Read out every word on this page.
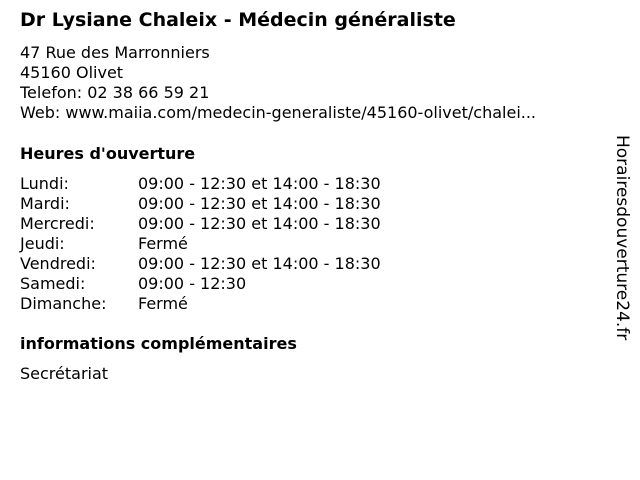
Dr Lysiane Chaleix - Médecin généraliste
47 Rue des Marronniers
45160 Olivet
Telefon: 02 38 66 59 21
Web: www.maiia.com/medecin-generaliste/45160-olivet/chalei...
Heures d'ouverture
Lundi:	09:00 - 12:30 et 14:00 - 18:30
Mardi:	09:00 - 12:30 et 14:00 - 18:30
Mercredi:	09:00 - 12:30 et 14:00 - 18:30
Jeudi:	Fermé
Vendredi:	09:00 - 12:30 et 14:00 - 18:30
Samedi:	09:00 - 12:30
Dimanche:	Fermé
informations complémentaires
Secrétariat
Horairesdouverture24.fr
